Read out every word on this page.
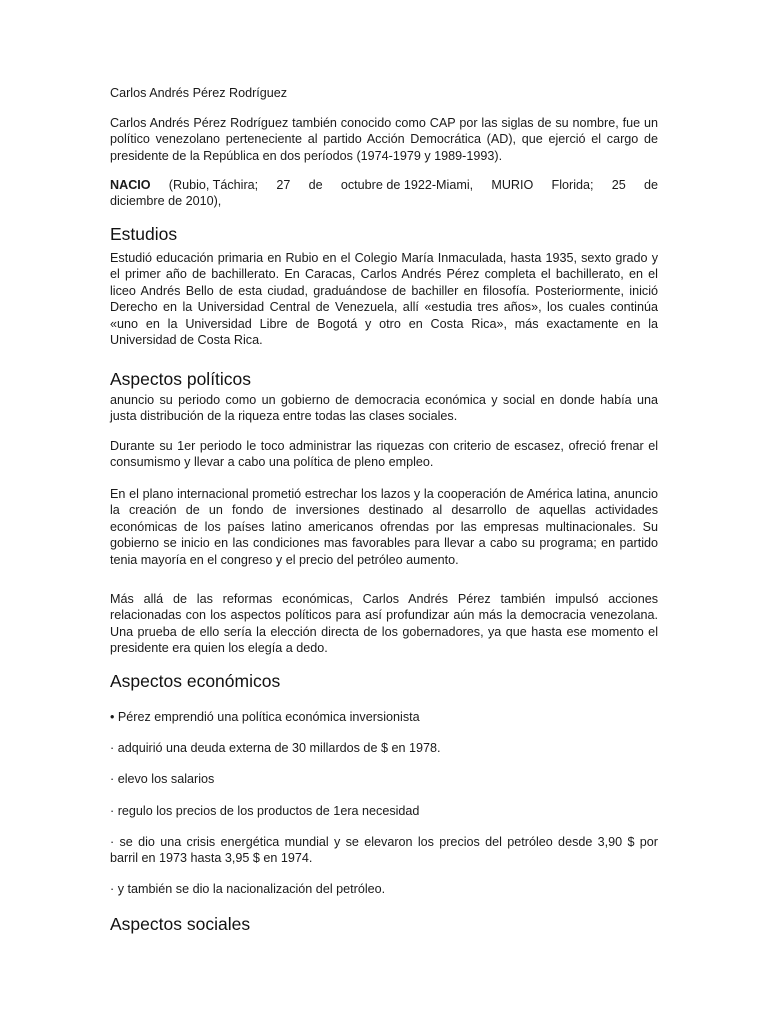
Carlos Andrés Pérez Rodríguez
Carlos Andrés Pérez Rodríguez también conocido como CAP por las siglas de su nombre, fue un político venezolano perteneciente al partido Acción Democrática (AD), que ejerció el cargo de presidente de la República en dos períodos (1974-1979 y 1989-1993).
NACIO (Rubio, Táchira; 27 de octubre de 1922-Miami, MURIO Florida; 25 de
diciembre de 2010),
Estudios
Estudió educación primaria en Rubio en el Colegio María Inmaculada, hasta 1935, sexto grado y el primer año de bachillerato. En Caracas, Carlos Andrés Pérez completa el bachillerato, en el liceo Andrés Bello de esta ciudad, graduándose de bachiller en filosofía. Posteriormente, inició Derecho en la Universidad Central de Venezuela, allí «estudia tres años», los cuales continúa «uno en la Universidad Libre de Bogotá y otro en Costa Rica», más exactamente en la Universidad de Costa Rica.
Aspectos políticos
anuncio su periodo como un gobierno de democracia económica y social en donde había una justa distribución de la riqueza entre todas las clases sociales.
Durante su 1er periodo le toco administrar las riquezas con criterio de escasez, ofreció frenar el consumismo y llevar a cabo una política de pleno empleo.
En el plano internacional prometió estrechar los lazos y la cooperación de América latina, anuncio la creación de un fondo de inversiones destinado al desarrollo de aquellas actividades económicas de los países latino americanos ofrendas por las empresas multinacionales. Su gobierno se inicio en las condiciones mas favorables para llevar a cabo su programa; en partido tenia mayoría en el congreso y el precio del petróleo aumento.
Más allá de las reformas económicas, Carlos Andrés Pérez también impulsó acciones relacionadas con los aspectos políticos para así profundizar aún más la democracia venezolana. Una prueba de ello sería la elección directa de los gobernadores, ya que hasta ese momento el presidente era quien los elegía a dedo.
Aspectos económicos
• Pérez emprendió una política económica inversionista
· adquirió una deuda externa de 30 millardos de $ en 1978.
· elevo los salarios
· regulo los precios de los productos de 1era necesidad
· se dio una crisis energética mundial y se elevaron los precios del petróleo desde 3,90 $ por barril en 1973 hasta 3,95 $ en 1974.
· y también se dio la nacionalización del petróleo.
Aspectos sociales
